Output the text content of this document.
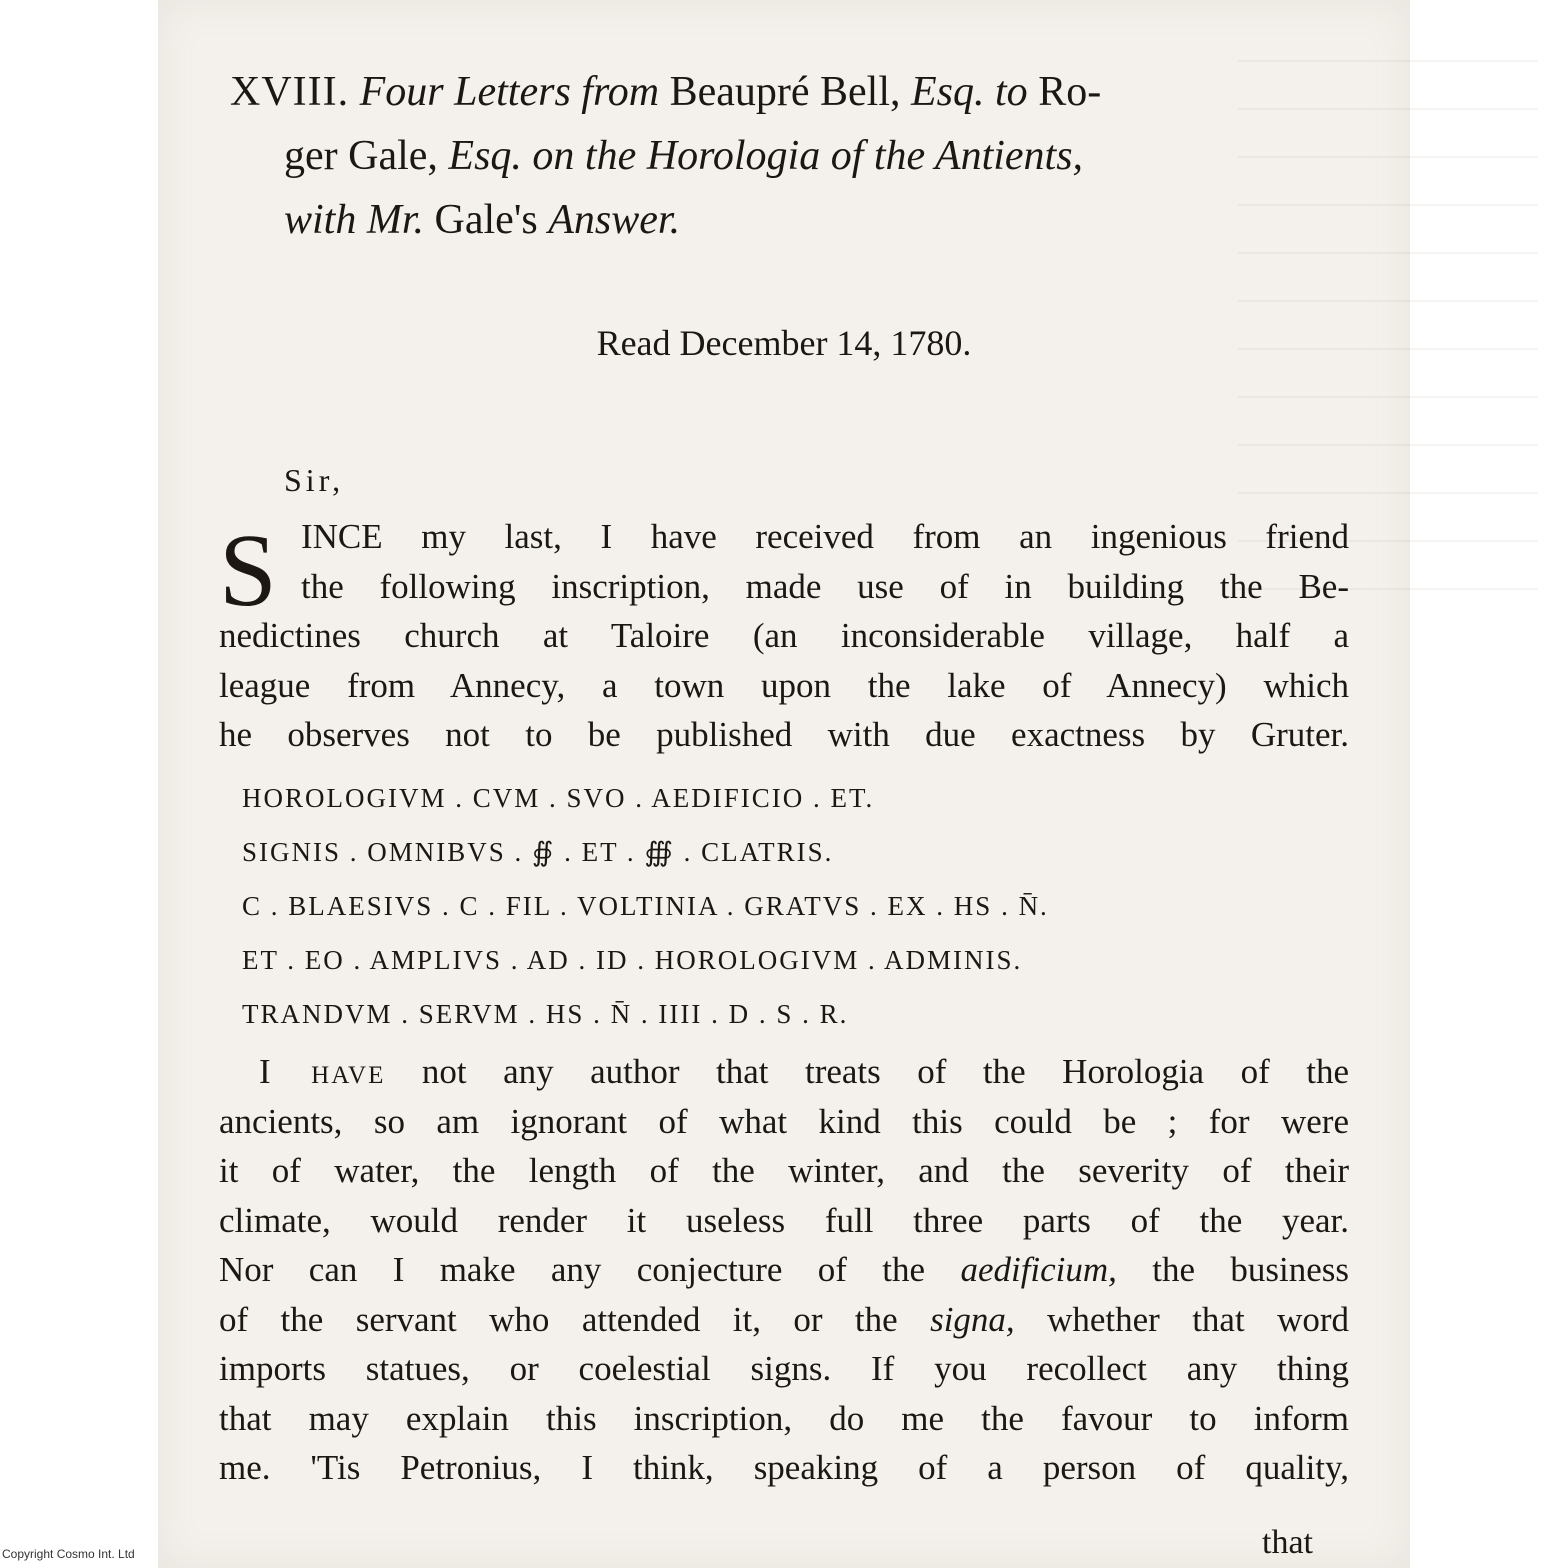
XVIII. Four Letters from Beaupré Bell, Esq. to Ro-
ger Gale, Esq. on the Horologia of the Antients,
with Mr. Gale's Answer.
Read December 14, 1780.
Sir,
S INCE my last, I have received from an ingenious friend
the following inscription, made use of in building the Be-
nedictines church at Taloire (an inconsiderable village, half a
league from Annecy, a town upon the lake of Annecy) which
he observes not to be published with due exactness by Gruter.
HOROLOGIVM . CVM . SVO . AEDIFICIO . ET.
SIGNIS . OMNIBVS . ∯ . ET . ∰ . CLATRIS.
C . BLAESIVS . C . FIL . VOLTINIA . GRATVS . EX . HS . N̄.
ET . EO . AMPLIVS . AD . ID . HOROLOGIVM . ADMINIS.
TRANDVM . SERVM . HS . N̄ . IIII . D . S . R.
I have not any author that treats of the Horologia of the
ancients, so am ignorant of what kind this could be ; for were
it of water, the length of the winter, and the severity of their
climate, would render it useless full three parts of the year.
Nor can I make any conjecture of the aedificium, the business
of the servant who attended it, or the signa, whether that word
imports statues, or coelestial signs. If you recollect any thing
that may explain this inscription, do me the favour to inform
me. 'Tis Petronius, I think, speaking of a person of quality,
that
Copyright Cosmo Int. Ltd
